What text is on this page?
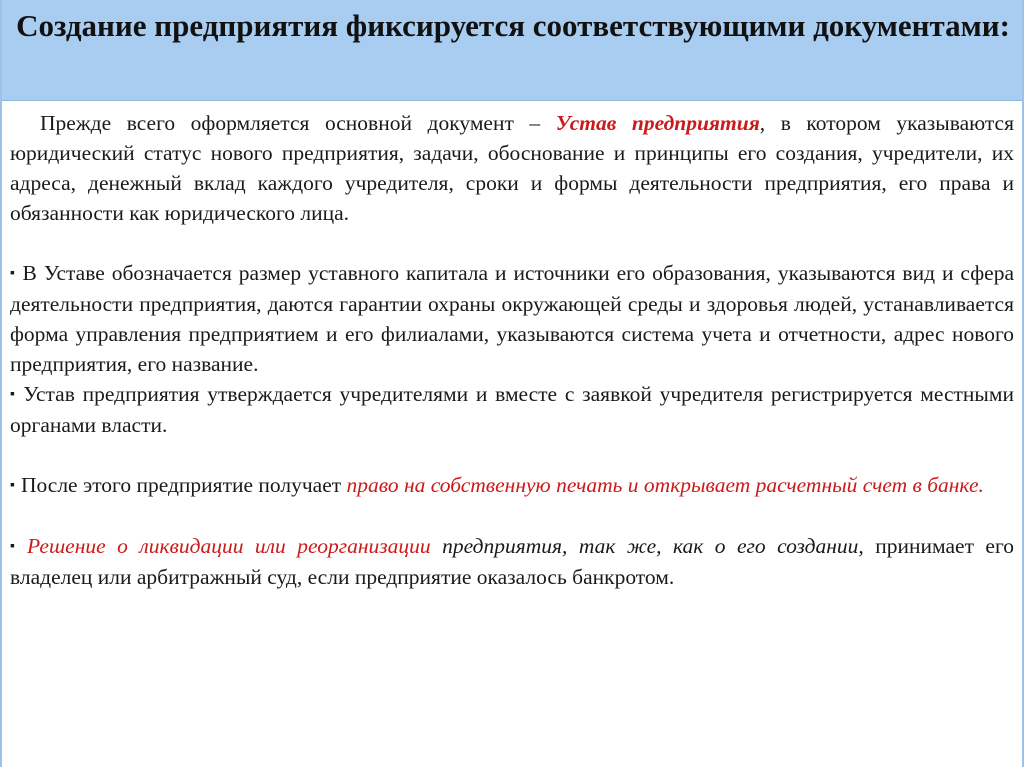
Создание предприятия фиксируется соответствующими документами:

Прежде всего оформляется основной документ – Устав предприятия, в котором указываются юридический статус нового предприятия, задачи, обоснование и принципы его создания, учредители, их адреса, денежный вклад каждого учредителя, сроки и формы деятельности предприятия, его права и обязанности как юридического лица.

▪ В Уставе обозначается размер уставного капитала и источники его образования, указываются вид и сфера деятельности предприятия, даются гарантии охраны окружающей среды и здоровья людей, устанавливается форма управления предприятием и его филиалами, указываются система учета и отчетности, адрес нового предприятия, его название.

▪ Устав предприятия утверждается учредителями и вместе с заявкой учредителя регистрируется местными органами власти.

▪ После этого предприятие получает право на собственную печать и открывает расчетный счет в банке.

▪ Решение о ликвидации или реорганизации предприятия, так же, как о его создании, принимает его владелец или арбитражный суд, если предприятие оказалось банкротом.
